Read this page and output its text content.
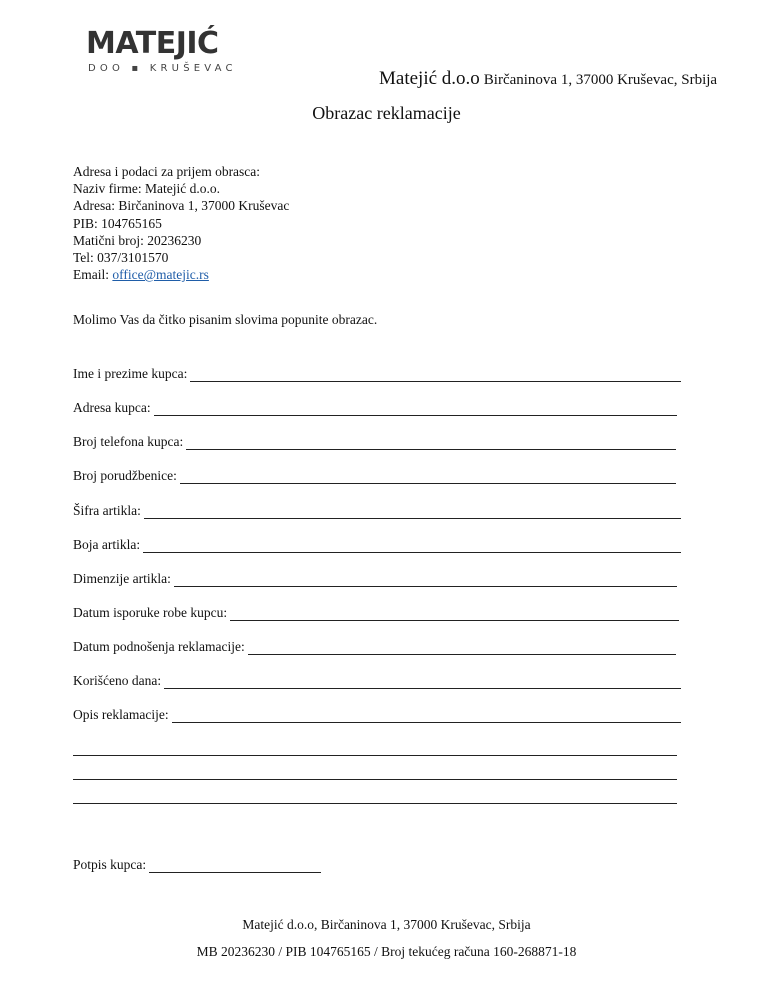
MATEJIĆ
DOO ▪ KRUŠEVAC	Matejić d.o.o Birčaninova 1, 37000 Kruševac, Srbija
Obrazac reklamacije
Adresa i podaci za prijem obrasca:
Naziv firme: Matejić d.o.o.
Adresa: Birčaninova 1, 37000 Kruševac
PIB: 104765165
Matični broj: 20236230
Tel: 037/3101570
Email: office@matejic.rs
Molimo Vas da čitko pisanim slovima popunite obrazac.
Ime i prezime kupca:
Adresa kupca:
Broj telefona kupca:
Broj porudžbenice:
Šifra artikla:
Boja artikla:
Dimenzije artikla:
Datum isporuke robe kupcu:
Datum podnošenja reklamacije:
Korišćeno dana:
Opis reklamacije:
Potpis kupca:
Matejić d.o.o, Birčaninova 1, 37000 Kruševac, Srbija
MB 20236230 / PIB 104765165 / Broj tekućeg računa 160-268871-18
